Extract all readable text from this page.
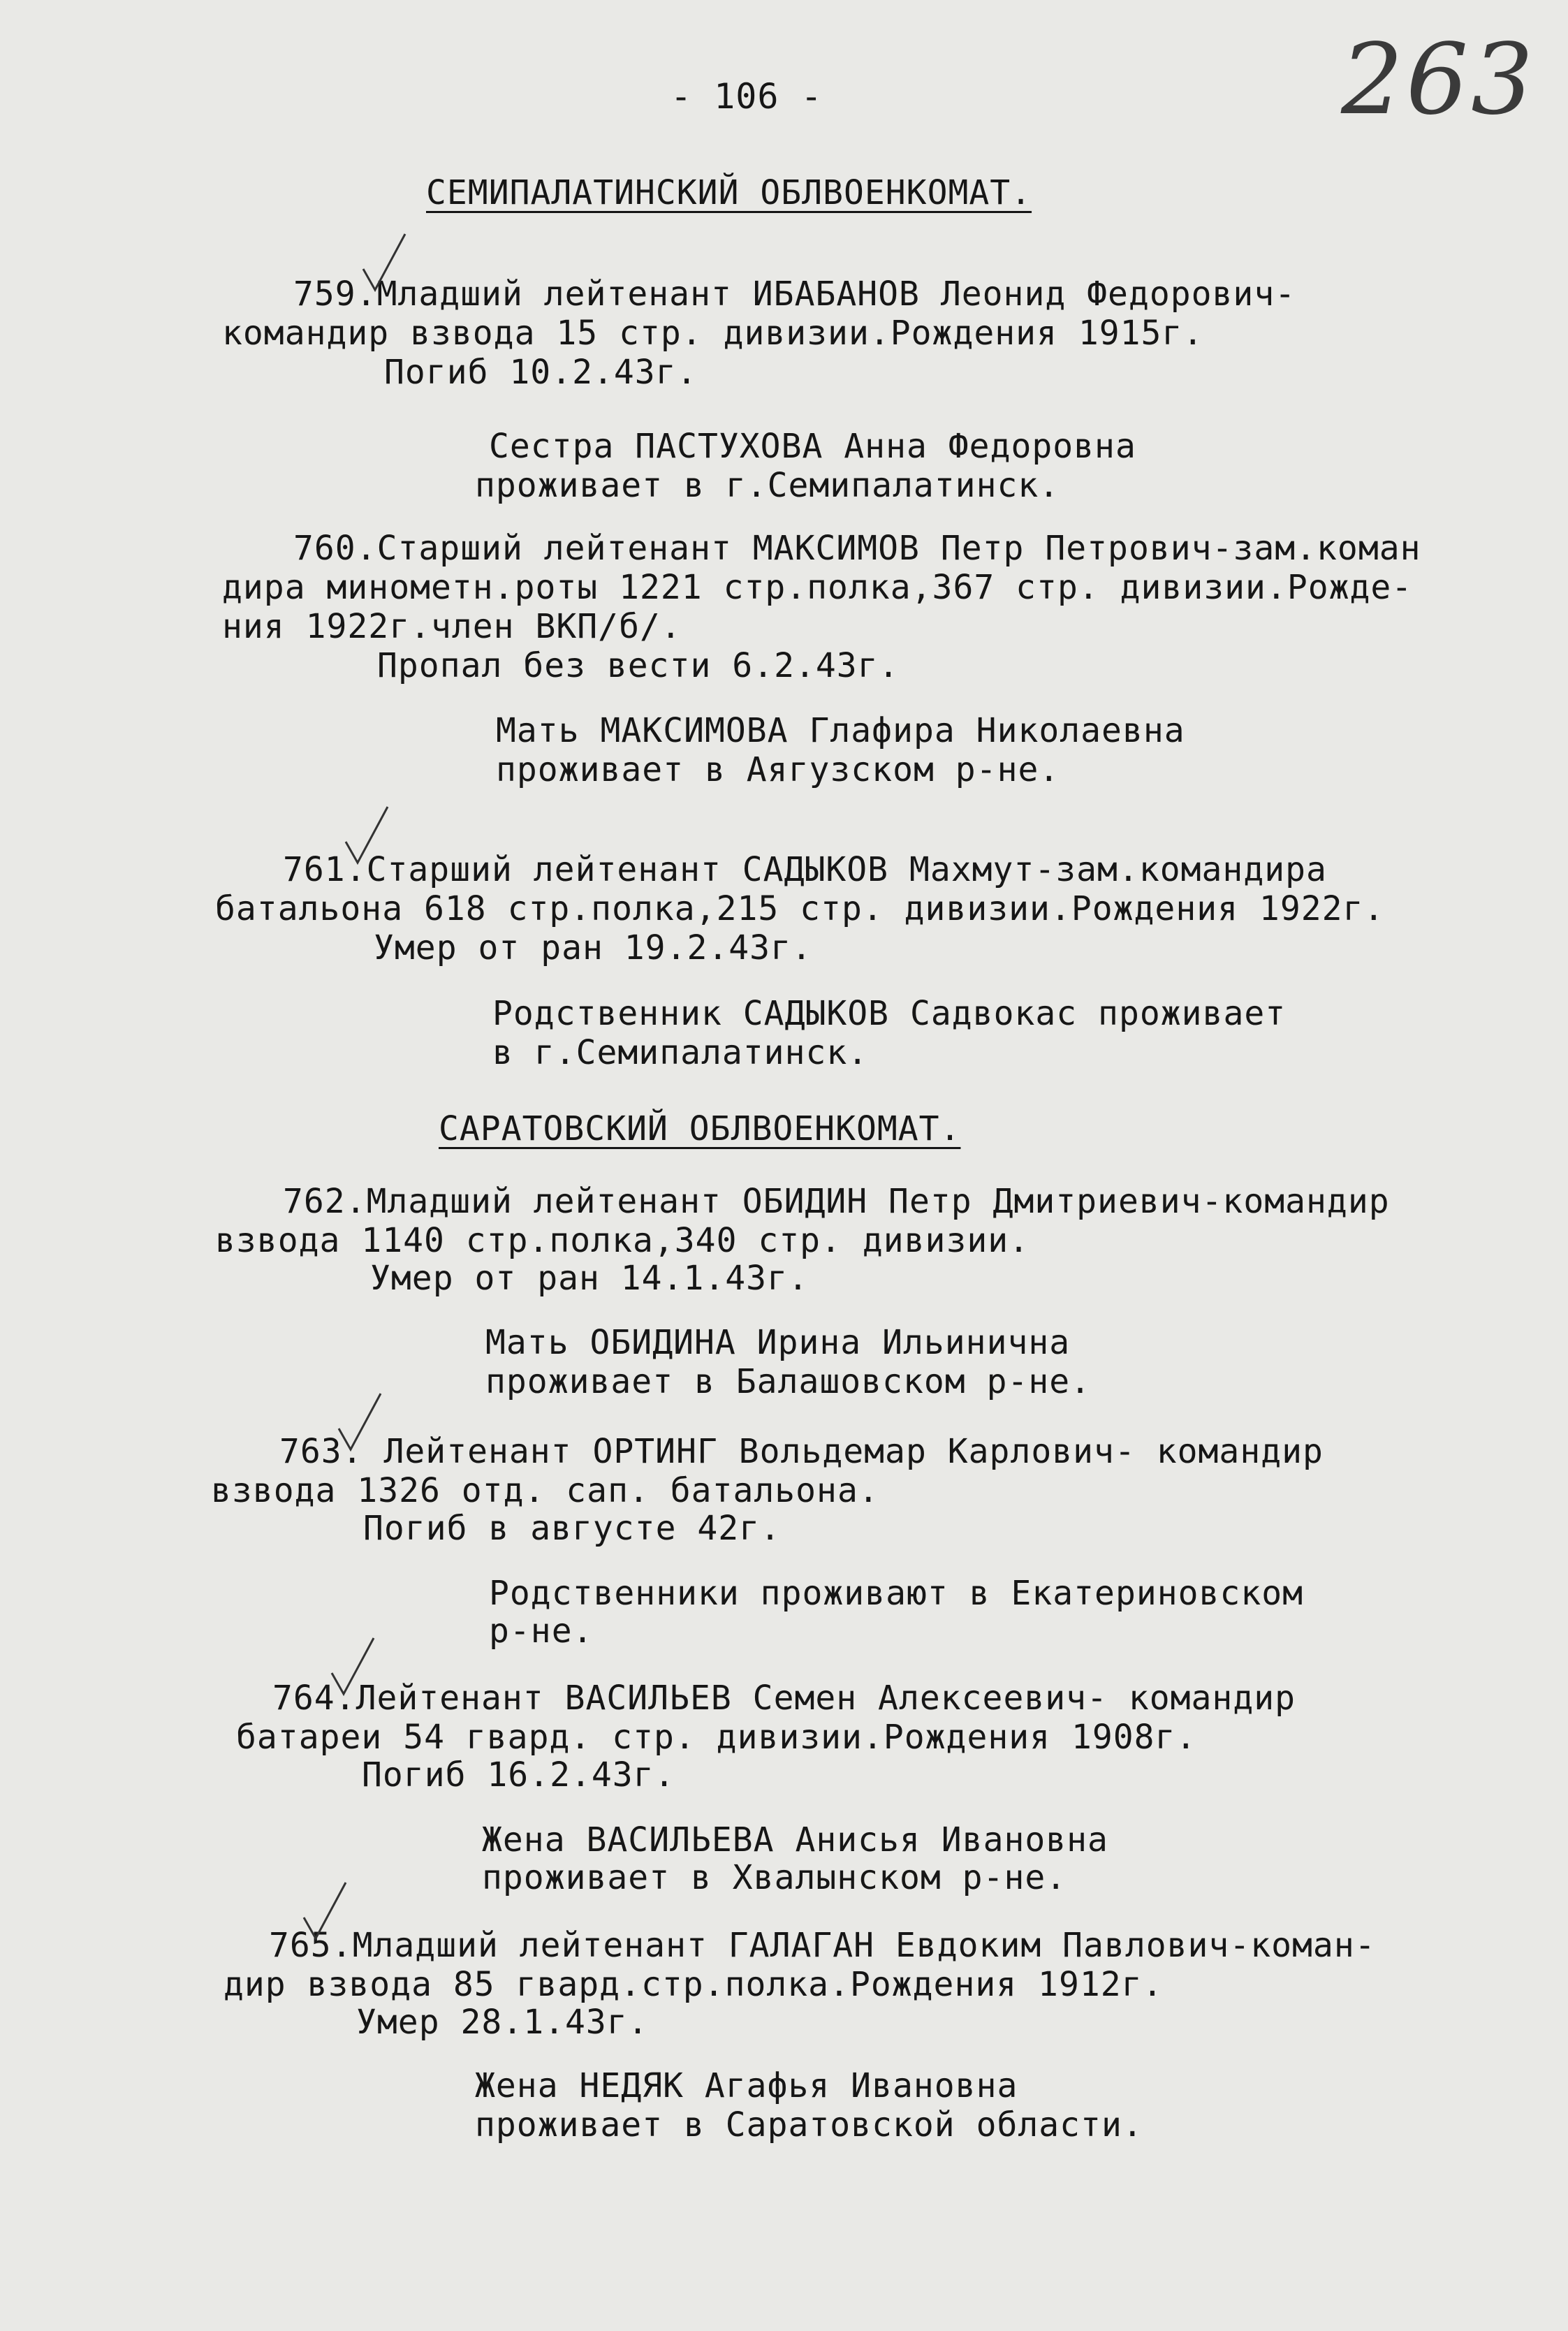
- 106 -	263
СЕМИПАЛАТИНСКИЙ ОБЛВОЕНКОМАТ.
759.Младший лейтенант ИБАБАНОВ Леонид Федорович-
командир взвода 15 стр. дивизии.Рождения 1915г.
Погиб 10.2.43г.
Сестра ПАСТУХОВА Анна Федоровна
проживает в г.Семипалатинск.
760.Старший лейтенант МАКСИМОВ Петр Петрович-зам.коман
дира минометн.роты 1221 стр.полка,367 стр. дивизии.Рожде-
ния 1922г.член ВКП/б/.
Пропал без вести 6.2.43г.
Мать МАКСИМОВА Глафира Николаевна
проживает в Аягузском р-не.
761.Старший лейтенант САДЫКОВ Махмут-зам.командира
батальона 618 стр.полка,215 стр. дивизии.Рождения 1922г.
Умер от ран 19.2.43г.
Родственник САДЫКОВ Садвокас проживает
в г.Семипалатинск.
САРАТОВСКИЙ ОБЛВОЕНКОМАТ.
762.Младший лейтенант ОБИДИН Петр Дмитриевич-командир
взвода 1140 стр.полка,340 стр. дивизии.
Умер от ран 14.1.43г.
Мать ОБИДИНА Ирина Ильинична
проживает в Балашовском р-не.
763. Лейтенант ОРТИНГ Вольдемар Карлович- командир
взвода 1326 отд. сап. батальона.
Погиб в августе 42г.
Родственники проживают в Екатериновском
р-не.
764.Лейтенант ВАСИЛЬЕВ Семен Алексеевич- командир
батареи 54 гвард. стр. дивизии.Рождения 1908г.
Погиб 16.2.43г.
Жена ВАСИЛЬЕВА Анисья Ивановна
проживает в Хвалынском р-не.
765.Младший лейтенант ГАЛАГАН Евдоким Павлович-коман-
дир взвода 85 гвард.стр.полка.Рождения 1912г.
Умер 28.1.43г.
Жена НЕДЯК Агафья Ивановна
проживает в Саратовской области.
